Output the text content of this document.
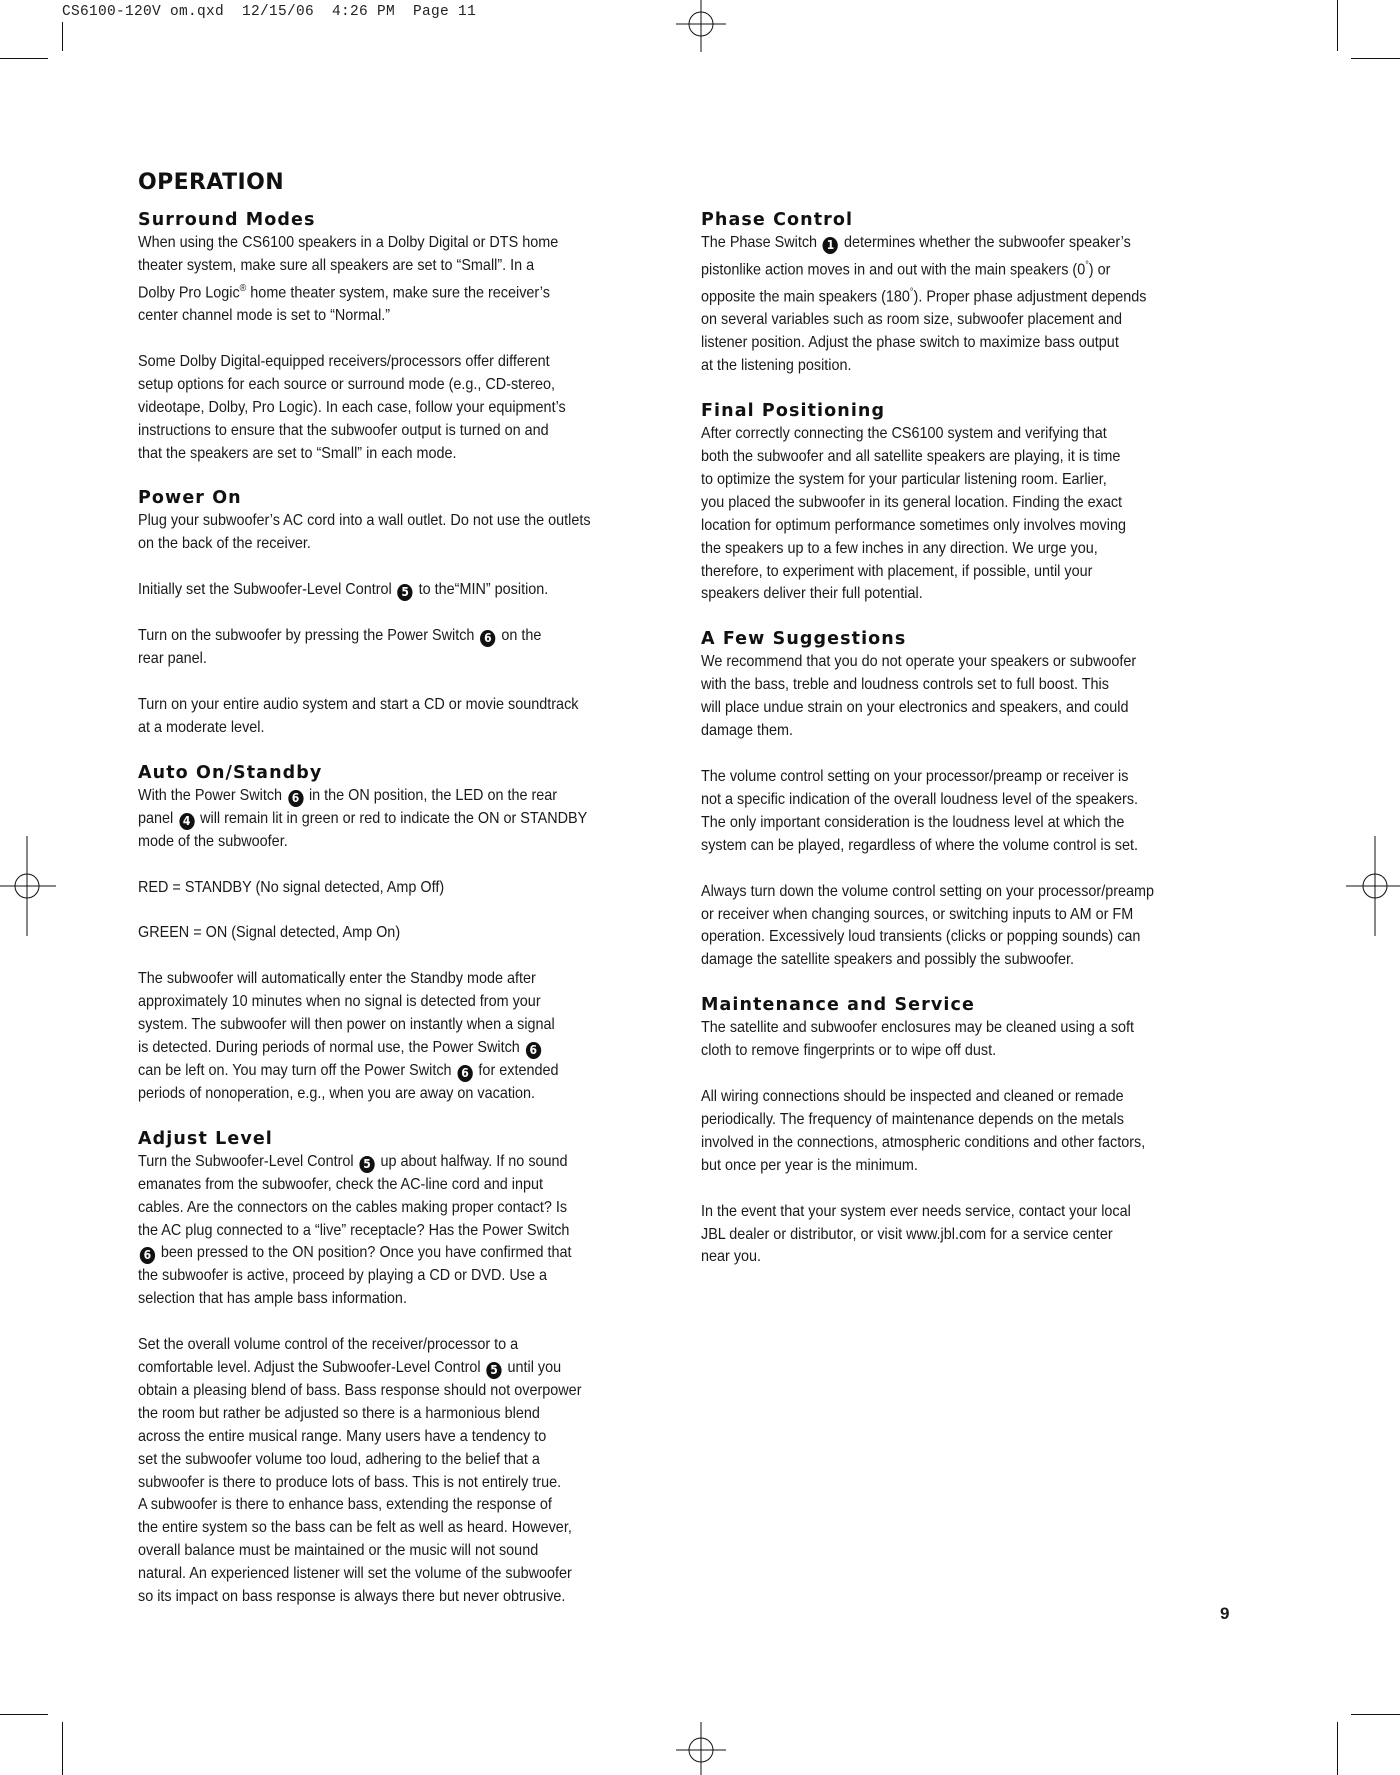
CS6100-120V om.qxd  12/15/06  4:26 PM  Page 11
OPERATION
Surround Modes

When using the CS6100 speakers in a Dolby Digital or DTS home
theater system, make sure all speakers are set to “Small”. In a
Dolby Pro Logic® home theater system, make sure the receiver’s
center channel mode is set to “Normal.”

Some Dolby Digital-equipped receivers/processors offer different
setup options for each source or surround mode (e.g., CD-stereo,
videotape, Dolby, Pro Logic). In each case, follow your equipment’s
instructions to ensure that the subwoofer output is turned on and
that the speakers are set to “Small” in each mode.

Power On

Plug your subwoofer’s AC cord into a wall outlet. Do not use the outlets
on the back of the receiver.

Initially set the Subwoofer-Level Control 5 to the“MIN” position.

Turn on the subwoofer by pressing the Power Switch 6 on the
rear panel.

Turn on your entire audio system and start a CD or movie soundtrack
at a moderate level.

Auto On/Standby

With the Power Switch 6 in the ON position, the LED on the rear
panel 4 will remain lit in green or red to indicate the ON or STANDBY
mode of the subwoofer.

RED = STANDBY (No signal detected, Amp Off)

GREEN = ON (Signal detected, Amp On)

The subwoofer will automatically enter the Standby mode after
approximately 10 minutes when no signal is detected from your
system. The subwoofer will then power on instantly when a signal
is detected. During periods of normal use, the Power Switch 6
can be left on. You may turn off the Power Switch 6 for extended
periods of nonoperation, e.g., when you are away on vacation.

Adjust Level

Turn the Subwoofer-Level Control 5 up about halfway. If no sound
emanates from the subwoofer, check the AC-line cord and input
cables. Are the connectors on the cables making proper contact? Is
the AC plug connected to a “live” receptacle? Has the Power Switch
6 been pressed to the ON position? Once you have confirmed that
the subwoofer is active, proceed by playing a CD or DVD. Use a
selection that has ample bass information.

Set the overall volume control of the receiver/processor to a
comfortable level. Adjust the Subwoofer-Level Control 5 until you
obtain a pleasing blend of bass. Bass response should not overpower
the room but rather be adjusted so there is a harmonious blend
across the entire musical range. Many users have a tendency to
set the subwoofer volume too loud, adhering to the belief that a
subwoofer is there to produce lots of bass. This is not entirely true.
A subwoofer is there to enhance bass, extending the response of
the entire system so the bass can be felt as well as heard. However,
overall balance must be maintained or the music will not sound
natural. An experienced listener will set the volume of the subwoofer
so its impact on bass response is always there but never obtrusive.

Phase Control

The Phase Switch 1 determines whether the subwoofer speaker’s
pistonlike action moves in and out with the main speakers (0°) or
opposite the main speakers (180°). Proper phase adjustment depends
on several variables such as room size, subwoofer placement and
listener position. Adjust the phase switch to maximize bass output
at the listening position.

Final Positioning

After correctly connecting the CS6100 system and verifying that
both the subwoofer and all satellite speakers are playing, it is time
to optimize the system for your particular listening room. Earlier,
you placed the subwoofer in its general location. Finding the exact
location for optimum performance sometimes only involves moving
the speakers up to a few inches in any direction. We urge you,
therefore, to experiment with placement, if possible, until your
speakers deliver their full potential.

A Few Suggestions

We recommend that you do not operate your speakers or subwoofer
with the bass, treble and loudness controls set to full boost. This
will place undue strain on your electronics and speakers, and could
damage them.

The volume control setting on your processor/preamp or receiver is
not a specific indication of the overall loudness level of the speakers.
The only important consideration is the loudness level at which the
system can be played, regardless of where the volume control is set.

Always turn down the volume control setting on your processor/preamp
or receiver when changing sources, or switching inputs to AM or FM
operation. Excessively loud transients (clicks or popping sounds) can
damage the satellite speakers and possibly the subwoofer.

Maintenance and Service

The satellite and subwoofer enclosures may be cleaned using a soft
cloth to remove fingerprints or to wipe off dust.

All wiring connections should be inspected and cleaned or remade
periodically. The frequency of maintenance depends on the metals
involved in the connections, atmospheric conditions and other factors,
but once per year is the minimum.

In the event that your system ever needs service, contact your local
JBL dealer or distributor, or visit www.jbl.com for a service center
near you.

9
